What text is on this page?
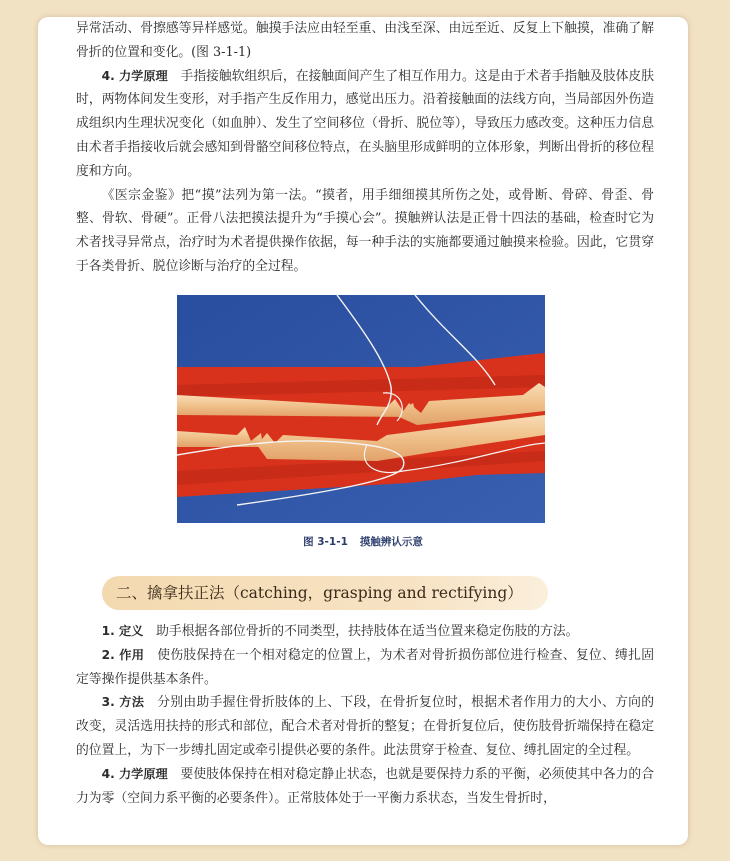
异常活动、骨擦感等异样感觉。触摸手法应由轻至重、由浅至深、由远至近、反复上下触摸，准确了解骨折的位置和变化。(图 3-1-1)

4. 力学原理　 手指接触软组织后，在接触面间产生了相互作用力。这是由于术者手指触及肢体皮肤时，两物体间发生变形，对手指产生反作用力，感觉出压力。沿着接触面的法线方向，当局部因外伤造成组织内生理状况变化（如血肿）、发生了空间移位（骨折、脱位等），导致压力感改变。这种压力信息由术者手指接收后就会感知到骨骼空间移位特点，在头脑里形成鲜明的立体形象，判断出骨折的移位程度和方向。

《医宗金鉴》把“摸”法列为第一法。“摸者，用手细细摸其所伤之处，或骨断、骨碎、骨歪、骨整、骨软、骨硬”。正骨八法把摸法提升为“手摸心会”。摸触辨认法是正骨十四法的基础，检查时它为术者找寻异常点，治疗时为术者提供操作依据，每一种手法的实施都要通过触摸来检验。因此，它贯穿于各类骨折、脱位诊断与治疗的全过程。

图 3-1-1 摸触辨认示意
二、擒拿扶正法（catching，grasping and rectifying）

1. 定义　 助手根据各部位骨折的不同类型，扶持肢体在适当位置来稳定伤肢的方法。

2. 作用　 使伤肢保持在一个相对稳定的位置上，为术者对骨折损伤部位进行检查、复位、缚扎固定等操作提供基本条件。

3. 方法　 分别由助手握住骨折肢体的上、下段，在骨折复位时，根据术者作用力的大小、方向的改变，灵活选用扶持的形式和部位，配合术者对骨折的整复；在骨折复位后，使伤肢骨折端保持在稳定的位置上，为下一步缚扎固定或牵引提供必要的条件。此法贯穿于检查、复位、缚扎固定的全过程。

4. 力学原理　 要使肢体保持在相对稳定静止状态，也就是要保持力系的平衡，必须使其中各力的合力为零（空间力系平衡的必要条件）。正常肢体处于一平衡力系状态，当发生骨折时，
